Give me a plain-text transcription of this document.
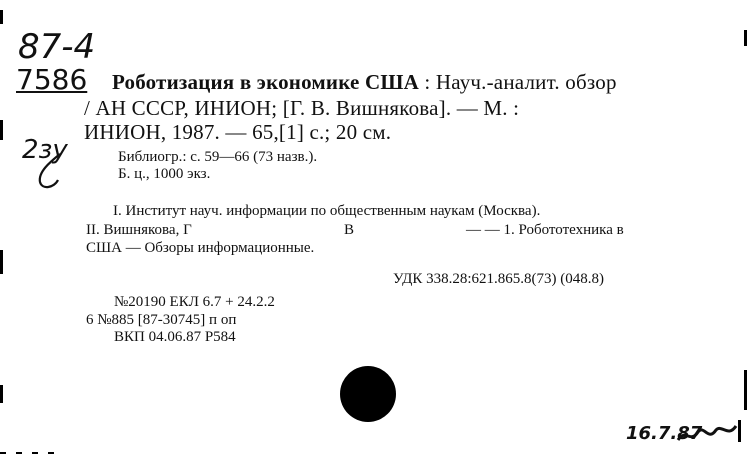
87-4
2зу
7586 Роботизация в экономике США : Науч.-аналит. обзор
/ АН СССР, ИНИОН; [Г. В. Вишнякова]. — М. :
ИНИОН, 1987. — 65,[1] с.; 20 см.
Библиогр.: с. 59—66 (73 назв.).
Б. ц., 1000 экз.
I. Институт науч. информации по общественным наукам (Москва).
II. Вишнякова, Г	В	— — 1. Робототехника в
США — Обзоры информационные.
УДК 338.28:621.865.8(73) (048.8)
№20190 ЕКЛ 6.7 + 24.2.2
6 №885 [87-30745] п оп
ВКП 04.06.87 Р584
16.7.87
